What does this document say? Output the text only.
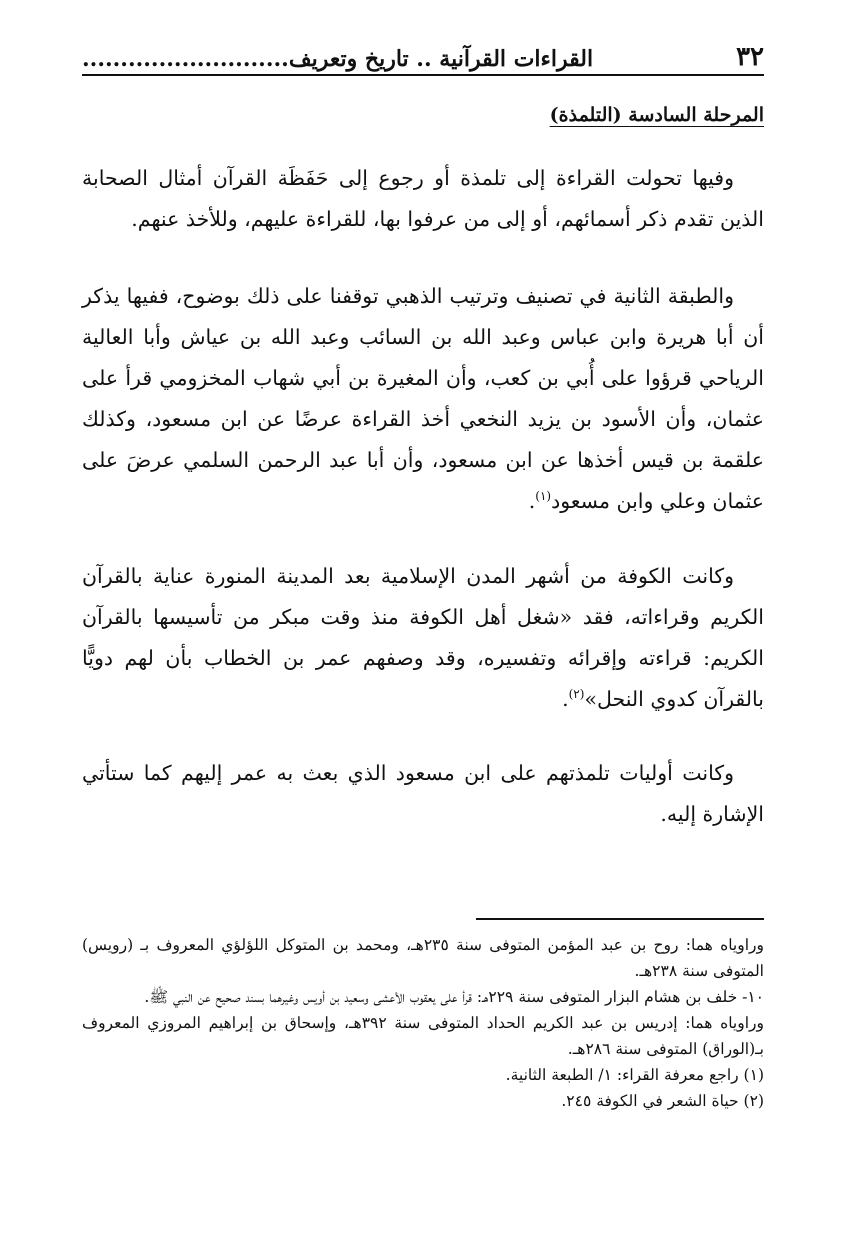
٣٢
القراءات القرآنية .. تاريخ وتعريف...........................
المرحلة السادسة (التلمذة)
وفيها تحولت القراءة إلى تلمذة أو رجوع إلى حَفَظَة القرآن أمثال الصحابة الذين تقدم ذكر أسمائهم، أو إلى من عرفوا بها، للقراءة عليهم، وللأخذ عنهم.
والطبقة الثانية في تصنيف وترتيب الذهبي توقفنا على ذلك بوضوح، ففيها يذكر أن أبا هريرة وابن عباس وعبد الله بن السائب وعبد الله بن عياش وأبا العالية الرياحي قرؤوا على أُبي بن كعب، وأن المغيرة بن أبي شهاب المخزومي قرأ على عثمان، وأن الأسود بن يزيد النخعي أخذ القراءة عرضًا عن ابن مسعود، وكذلك علقمة بن قيس أخذها عن ابن مسعود، وأن أبا عبد الرحمن السلمي عرضَ على عثمان وعلي وابن مسعود$^{(١)}$.
وكانت الكوفة من أشهر المدن الإسلامية بعد المدينة المنورة عناية بالقرآن الكريم وقراءاته، فقد «شغل أهل الكوفة منذ وقت مبكر من تأسيسها بالقرآن الكريم: قراءته وإقرائه وتفسيره، وقد وصفهم عمر بن الخطاب بأن لهم دويًّا بالقرآن كدوي النحل»$^{(٢)}$.
وكانت أوليات تلمذتهم على ابن مسعود الذي بعث به عمر إليهم كما ستأتي الإشارة إليه.
وراوياه هما: روح بن عبد المؤمن المتوفى سنة ٢٣٥هـ، ومحمد بن المتوكل اللؤلؤي المعروف بـ (رويس) المتوفى سنة ٢٣٨هـ.
١٠- خلف بن هشام البزار المتوفى سنة ٢٢٩هـ: قرأ على يعقوب الأعشى وسعيد بن أويس وغيرهما بسند صحيح عن النبي ﷺ.
وراوياه هما: إدريس بن عبد الكريم الحداد المتوفى سنة ٣٩٢هـ، وإسحاق بن إبراهيم المروزي المعروف بـ(الوراق) المتوفى سنة ٢٨٦هـ.
(١) راجع معرفة القراء: ١/ الطبعة الثانية.
(٢) حياة الشعر في الكوفة ٢٤٥.
